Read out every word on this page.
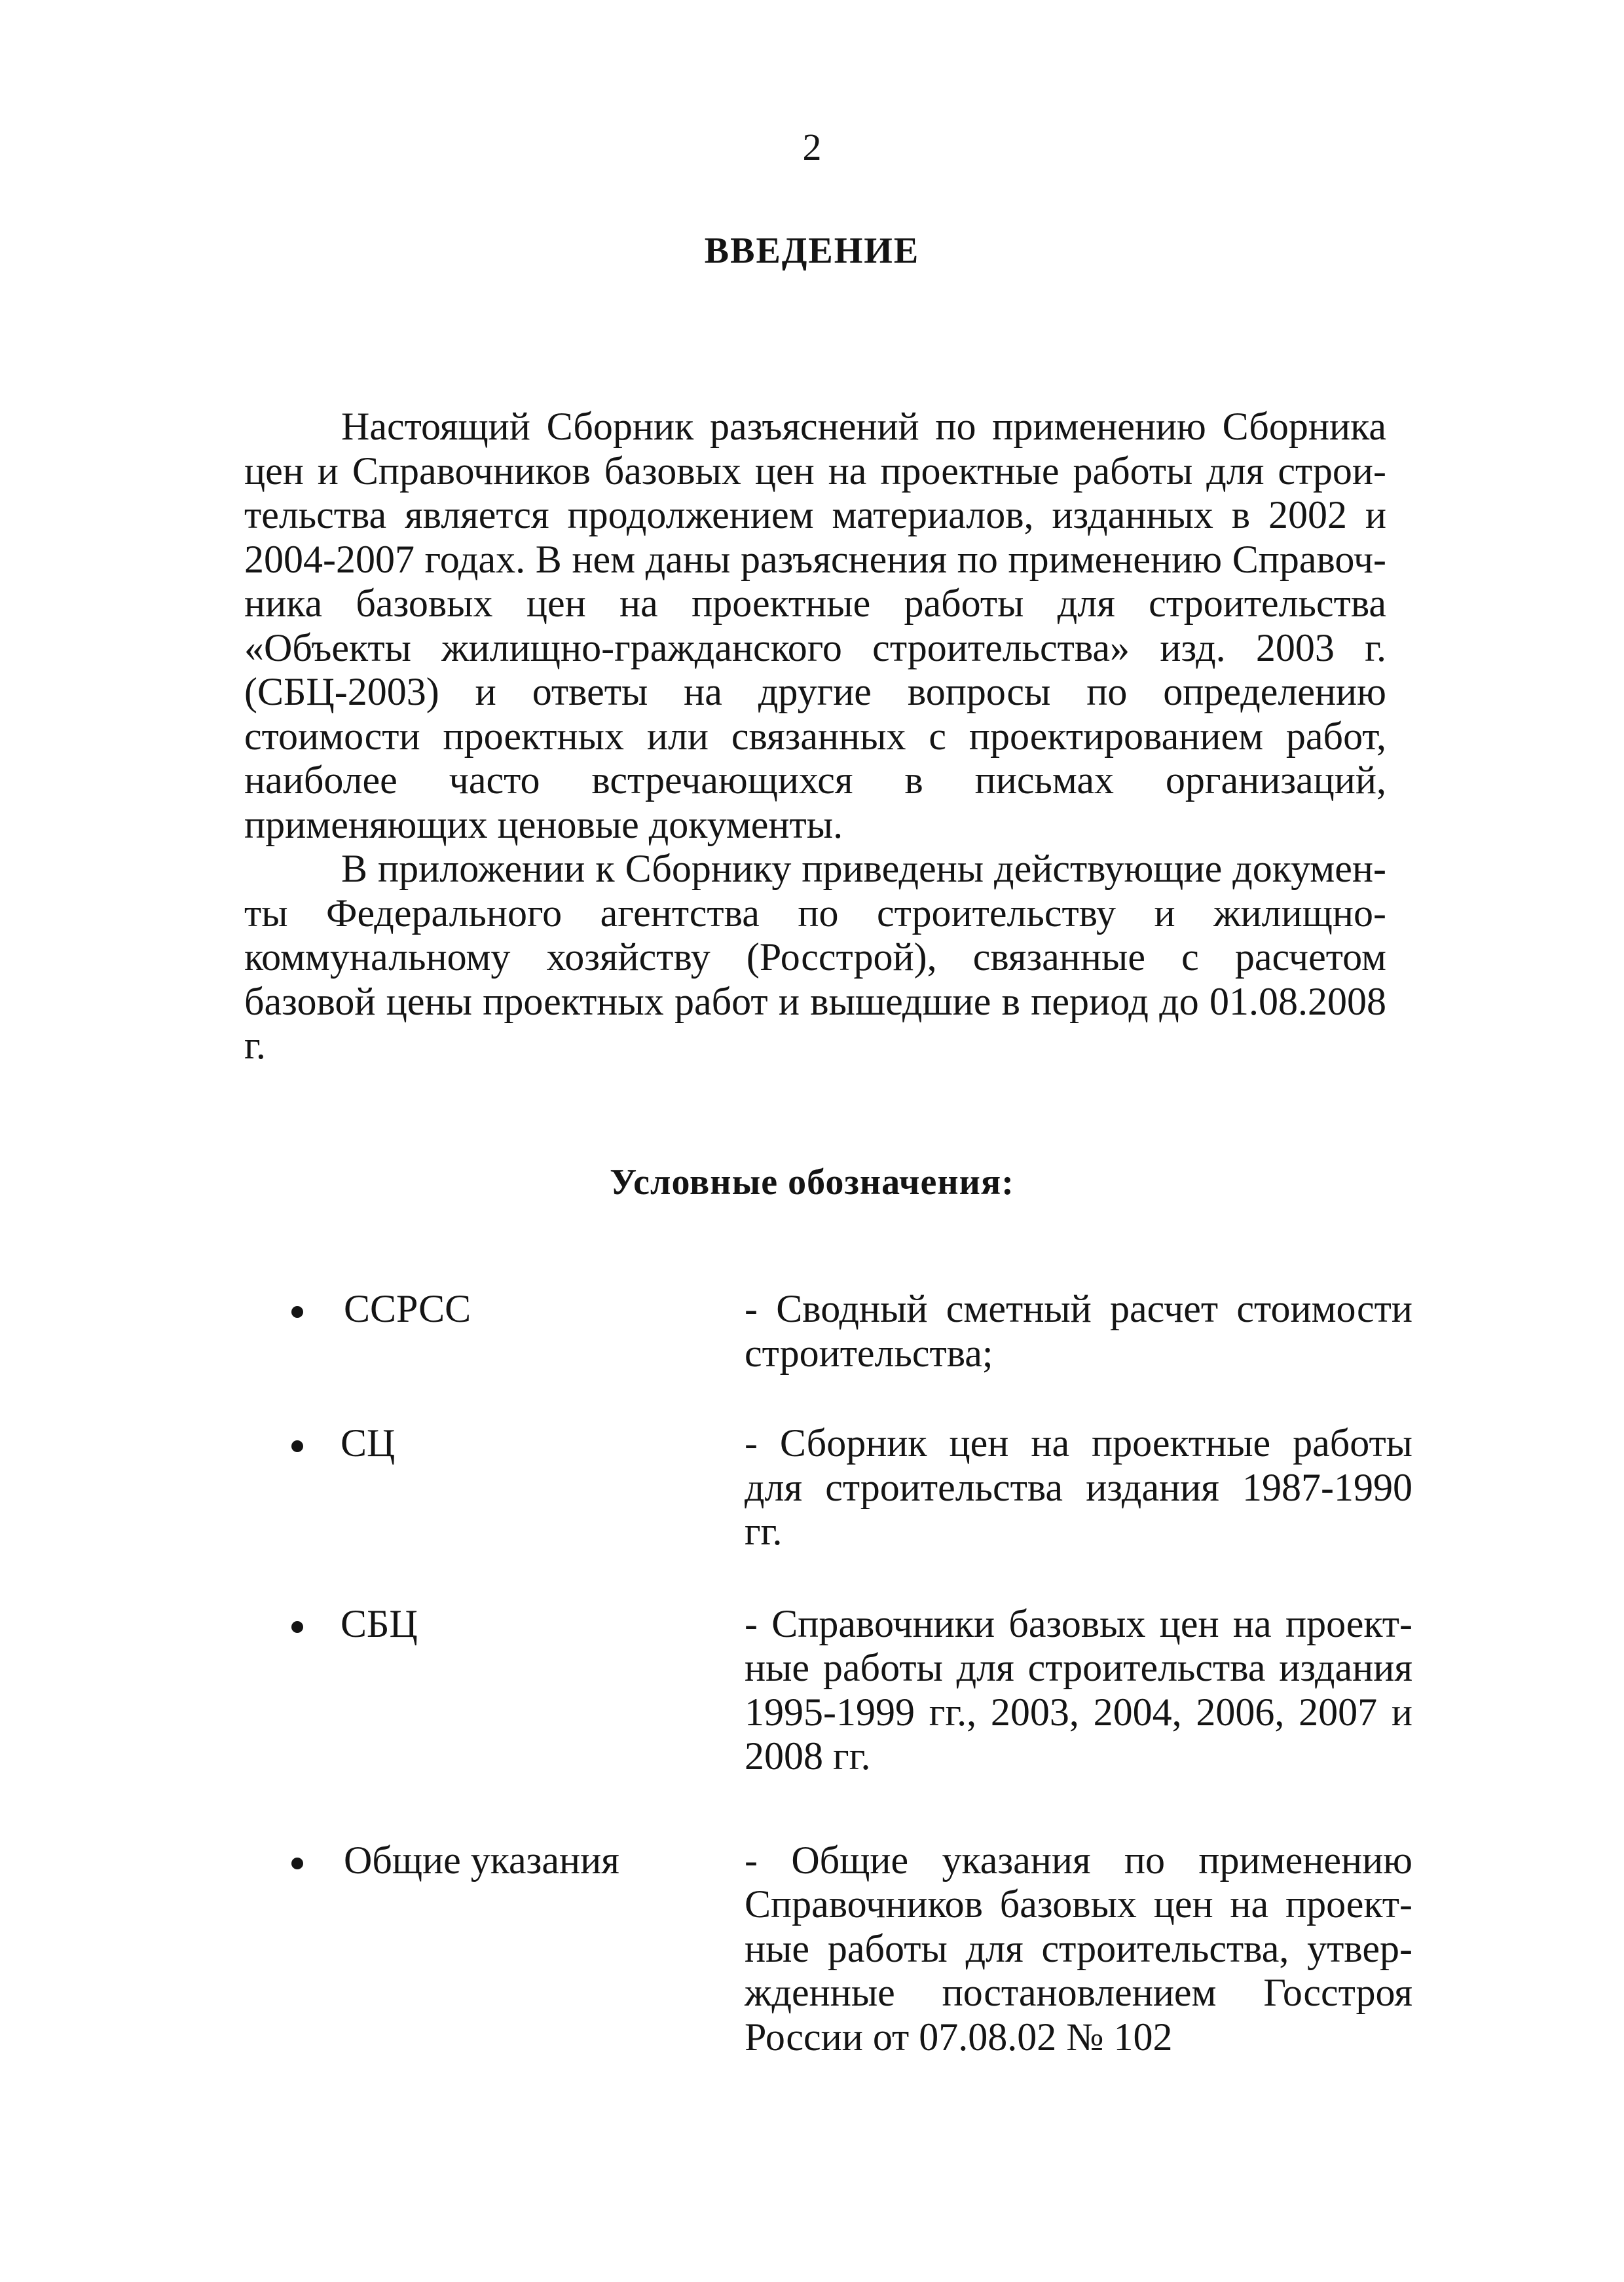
2
ВВЕДЕНИЕ

Настоящий Сборник разъяснений по применению Сборника цен и Справочников базовых цен на проектные работы для строительства является продолжением материалов, изданных в 2002 и 2004-2007 годах. В нем даны разъяснения по применению Справочника базовых цен на проектные работы для строительства «Объекты жилищно-гражданского строительства» изд. 2003 г. (СБЦ-2003) и ответы на другие вопросы по определению стоимости проектных или связанных с проектированием работ, наиболее часто встречающихся в письмах организаций, применяющих ценовые документы.

В приложении к Сборнику приведены действующие документы Федерального агентства по строительству и жилищно-коммунальному хозяйству (Росстрой), связанные с расчетом базовой цены проектных работ и вышедшие в период до 01.08.2008 г.

Условные обозначения:
ССРСС	- Сводный сметный расчет стоимости строительства;
СЦ	- Сборник цен на проектные работы для строительства издания 1987-1990 гг.
СБЦ	- Справочники базовых цен на проектные работы для строительства издания 1995-1999 гг., 2003, 2004, 2006, 2007 и 2008 гг.
Общие указания	- Общие указания по применению Справочников базовых цен на проектные работы для строительства, утвержденные постановлением Госстроя России от 07.08.02 № 102
